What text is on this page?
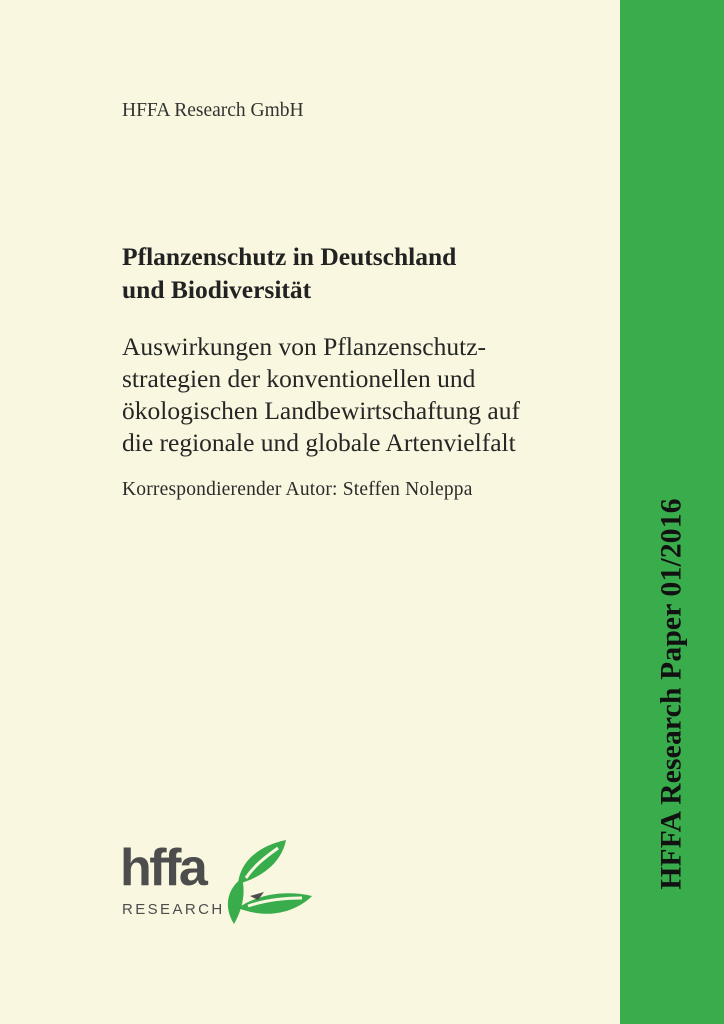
HFFA Research Paper 01/2016
HFFA Research GmbH
Pflanzenschutz in Deutschland
und Biodiversität
Auswirkungen von Pflanzenschutz-
strategien der konventionellen und
ökologischen Landbewirtschaftung auf
die regionale und globale Artenvielfalt
Korrespondierender Autor: Steffen Noleppa
hffa
RESEARCH
